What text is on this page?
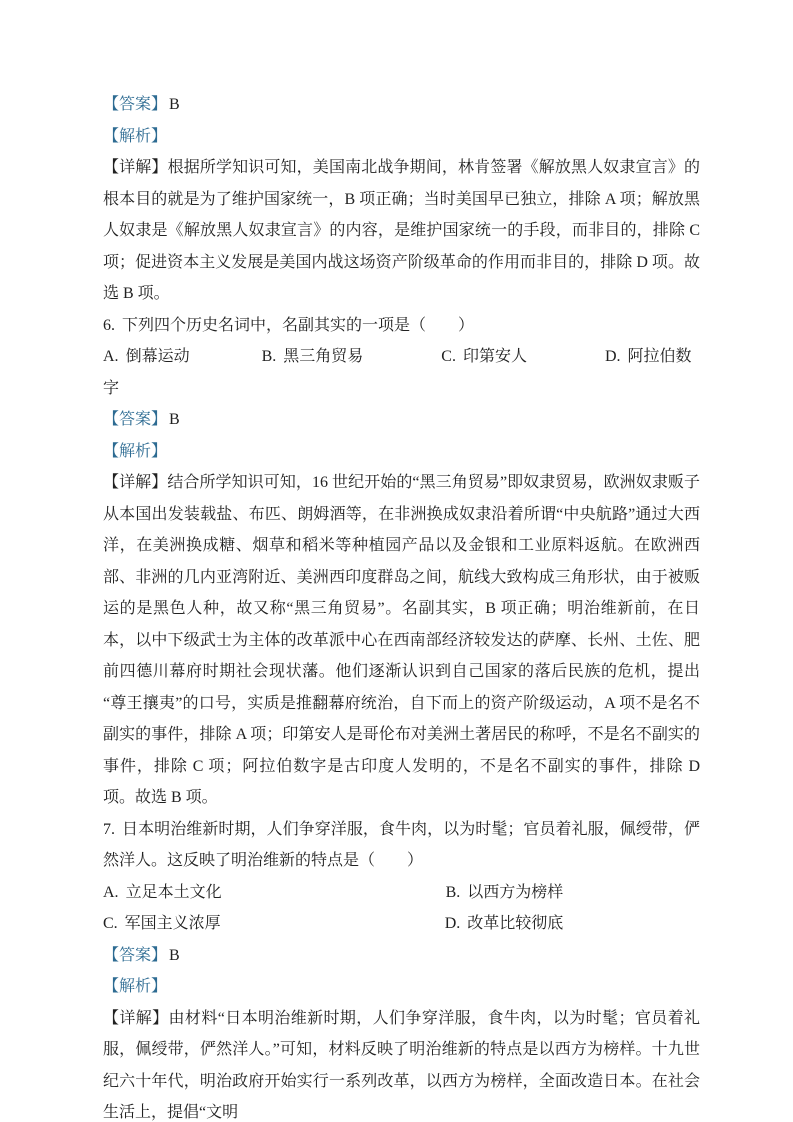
【答案】 B

【解析】

【详解】根据所学知识可知，美国南北战争期间，林肯签署《解放黑人奴隶宣言》的根本目的就是为了维护国家统一，B 项正确；当时美国早已独立，排除 A 项；解放黑人奴隶是《解放黑人奴隶宣言》的内容，是维护国家统一的手段，而非目的，排除 C 项；促进资本主义发展是美国内战这场资产阶级革命的作用而非目的，排除 D 项。故选 B 项。

6. 下列四个历史名词中，名副其实的一项是（　　）

A. 倒幕运动	B. 黑三角贸易	C. 印第安人	D. 阿拉伯数字

【答案】 B

【解析】

【详解】结合所学知识可知，16 世纪开始的“黑三角贸易”即奴隶贸易，欧洲奴隶贩子从本国出发装载盐、布匹、朗姆酒等，在非洲换成奴隶沿着所谓“中央航路”通过大西洋，在美洲换成糖、烟草和稻米等种植园产品以及金银和工业原料返航。在欧洲西部、非洲的几内亚湾附近、美洲西印度群岛之间，航线大致构成三角形状，由于被贩运的是黑色人种，故又称“黑三角贸易”。名副其实，B 项正确；明治维新前，在日本，以中下级武士为主体的改革派中心在西南部经济较发达的萨摩、长州、土佐、肥前四德川幕府时期社会现状藩。他们逐渐认识到自己国家的落后民族的危机，提出“尊王攘夷”的口号，实质是推翻幕府统治，自下而上的资产阶级运动，A 项不是名不副实的事件，排除 A 项；印第安人是哥伦布对美洲土著居民的称呼，不是名不副实的事件，排除 C 项；阿拉伯数字是古印度人发明的，不是名不副实的事件，排除 D 项。故选 B 项。

7. 日本明治维新时期，人们争穿洋服，食牛肉，以为时髦；官员着礼服，佩绶带，俨然洋人。这反映了明治维新的特点是（　　）

A. 立足本土文化	B. 以西方为榜样

C. 军国主义浓厚	D. 改革比较彻底

【答案】 B

【解析】

【详解】由材料“日本明治维新时期，人们争穿洋服，食牛肉，以为时髦；官员着礼服，佩绶带，俨然洋人。”可知，材料反映了明治维新的特点是以西方为榜样。十九世纪六十年代，明治政府开始实行一系列改革，以西方为榜样，全面改造日本。在社会生活上，提倡“文明
